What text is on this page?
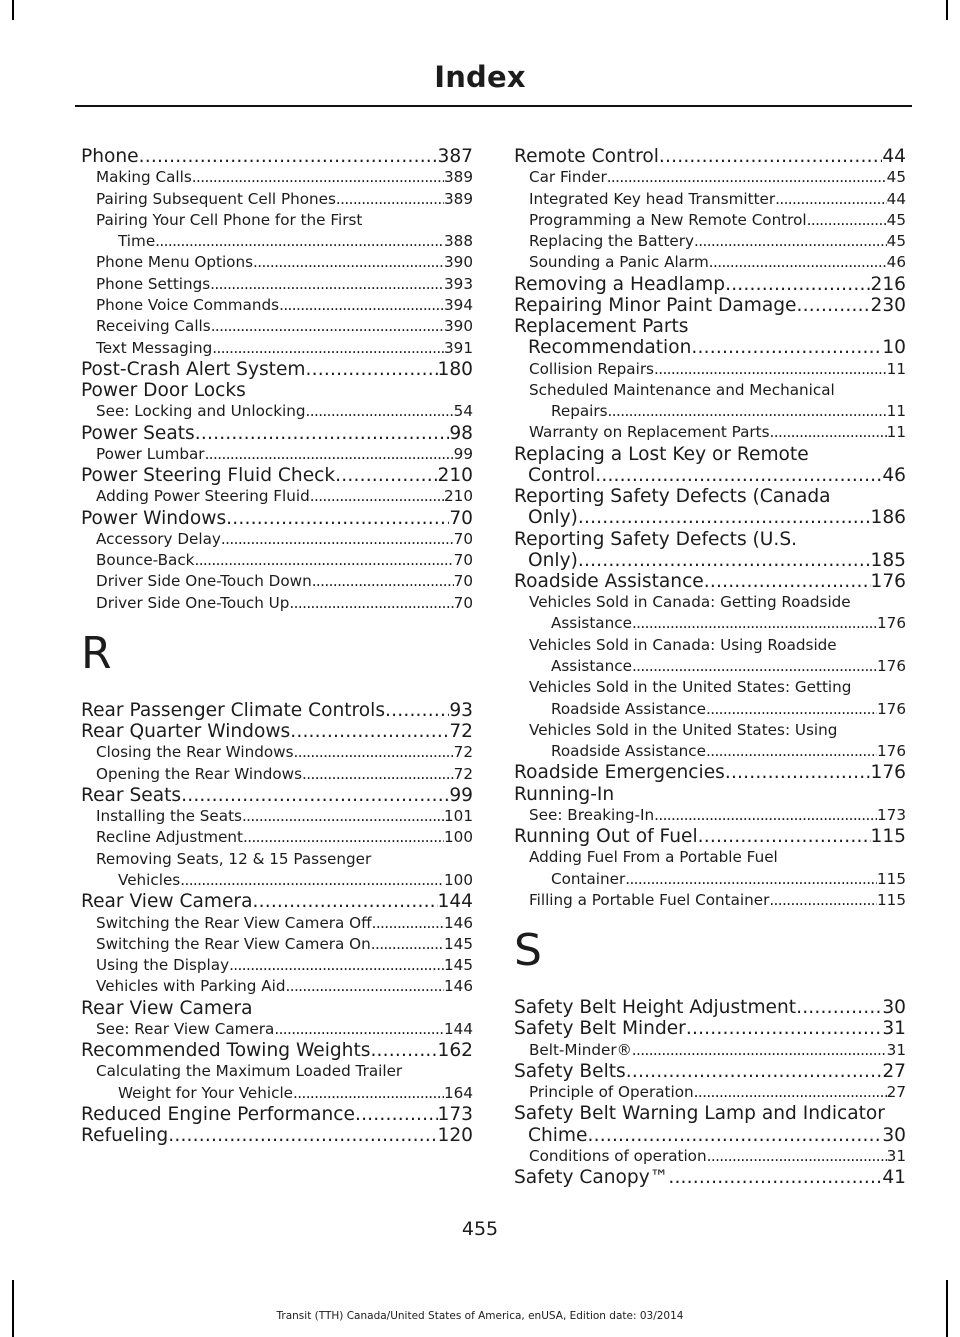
Index
Phone .....	387
Making Calls .....	389
Pairing Subsequent Cell Phones .....	389
Pairing Your Cell Phone for the First
Time .....	388
Phone Menu Options .....	390
Phone Settings .....	393
Phone Voice Commands .....	394
Receiving Calls .....	390
Text Messaging .....	391
Post-Crash Alert System .....	180
Power Door Locks
See: Locking and Unlocking .....	54
Power Seats .....	98
Power Lumbar .....	99
Power Steering Fluid Check .....	210
Adding Power Steering Fluid .....	210
Power Windows .....	70
Accessory Delay .....	70
Bounce-Back .....	70
Driver Side One-Touch Down .....	70
Driver Side One-Touch Up .....	70
R
Rear Passenger Climate Controls .....	93
Rear Quarter Windows .....	72
Closing the Rear Windows .....	72
Opening the Rear Windows .....	72
Rear Seats .....	99
Installing the Seats .....	101
Recline Adjustment .....	100
Removing Seats, 12 & 15 Passenger
Vehicles .....	100
Rear View Camera .....	144
Switching the Rear View Camera Off .....	146
Switching the Rear View Camera On .....	145
Using the Display .....	145
Vehicles with Parking Aid .....	146
Rear View Camera
See: Rear View Camera .....	144
Recommended Towing Weights .....	162
Calculating the Maximum Loaded Trailer
Weight for Your Vehicle .....	164
Reduced Engine Performance .....	173
Refueling .....	120
Remote Control .....	44
Car Finder .....	45
Integrated Key head Transmitter .....	44
Programming a New Remote Control .....	45
Replacing the Battery .....	45
Sounding a Panic Alarm .....	46
Removing a Headlamp .....	216
Repairing Minor Paint Damage .....	230
Replacement Parts
Recommendation .....	10
Collision Repairs .....	11
Scheduled Maintenance and Mechanical
Repairs .....	11
Warranty on Replacement Parts .....	11
Replacing a Lost Key or Remote
Control .....	46
Reporting Safety Defects (Canada
Only) .....	186
Reporting Safety Defects (U.S.
Only) .....	185
Roadside Assistance .....	176
Vehicles Sold in Canada: Getting Roadside
Assistance .....	176
Vehicles Sold in Canada: Using Roadside
Assistance .....	176
Vehicles Sold in the United States: Getting
Roadside Assistance .....	176
Vehicles Sold in the United States: Using
Roadside Assistance .....	176
Roadside Emergencies .....	176
Running-In
See: Breaking-In .....	173
Running Out of Fuel .....	115
Adding Fuel From a Portable Fuel
Container .....	115
Filling a Portable Fuel Container .....	115
S
Safety Belt Height Adjustment .....	30
Safety Belt Minder .....	31
Belt-Minder® .....	31
Safety Belts .....	27
Principle of Operation .....	27
Safety Belt Warning Lamp and Indicator
Chime .....	30
Conditions of operation .....	31
Safety Canopy™ .....	41
455
Transit (TTH) Canada/United States of America, enUSA, Edition date: 03/2014
